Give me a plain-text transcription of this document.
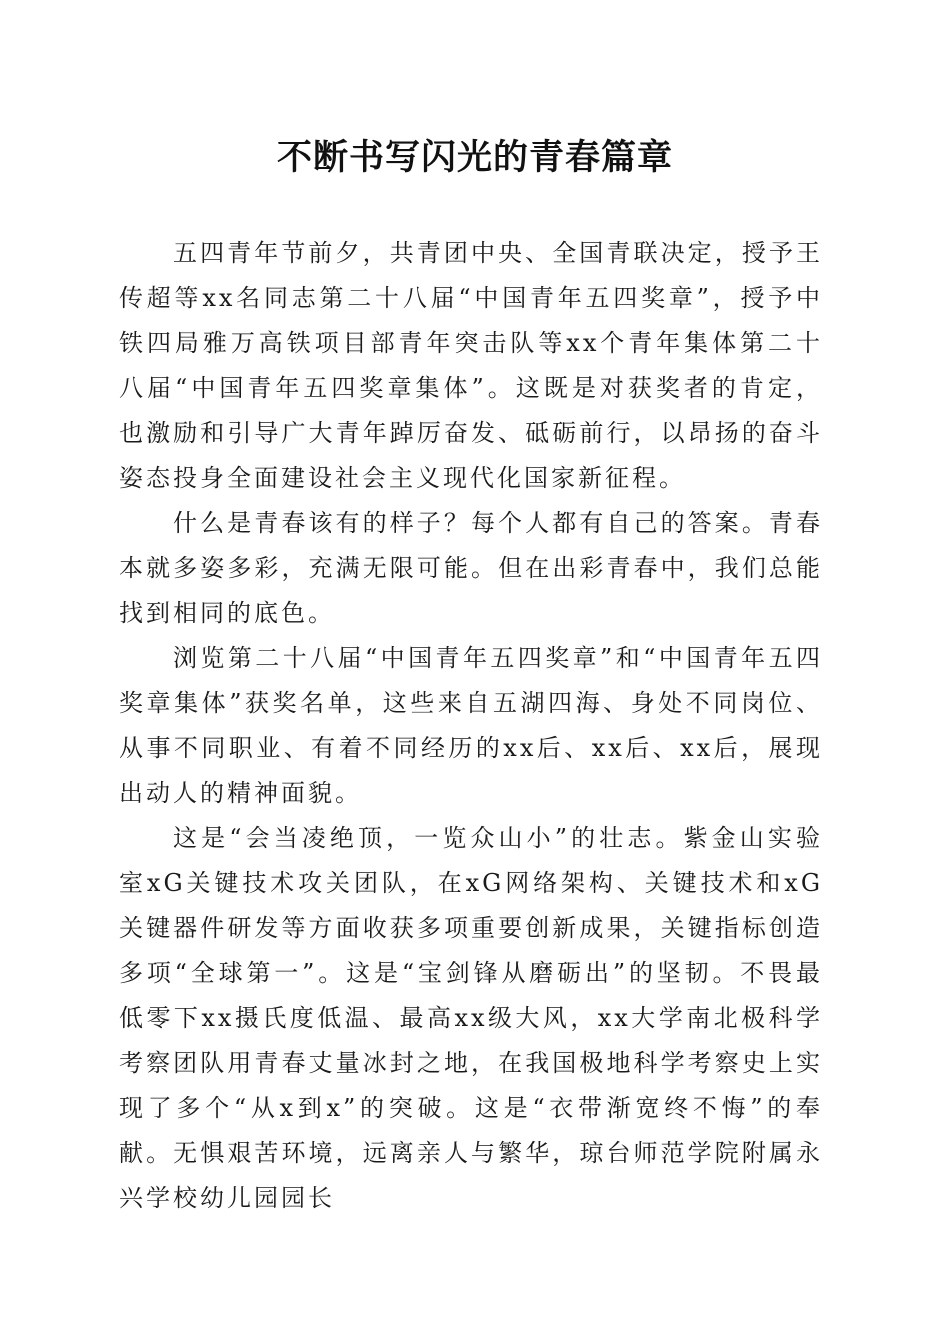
不断书写闪光的青春篇章

五四青年节前夕，共青团中央、全国青联决定，授予王传超等xx名同志第二十八届“中国青年五四奖章”，授予中铁四局雅万高铁项目部青年突击队等xx个青年集体第二十八届“中国青年五四奖章集体”。这既是对获奖者的肯定，也激励和引导广大青年踔厉奋发、砥砺前行，以昂扬的奋斗姿态投身全面建设社会主义现代化国家新征程。

什么是青春该有的样子？每个人都有自己的答案。青春本就多姿多彩，充满无限可能。但在出彩青春中，我们总能找到相同的底色。

浏览第二十八届“中国青年五四奖章”和“中国青年五四奖章集体”获奖名单，这些来自五湖四海、身处不同岗位、从事不同职业、有着不同经历的xx后、xx后、xx后，展现出动人的精神面貌。

这是“会当凌绝顶，一览众山小”的壮志。紫金山实验室xG关键技术攻关团队，在xG网络架构、关键技术和xG关键器件研发等方面收获多项重要创新成果，关键指标创造多项“全球第一”。这是“宝剑锋从磨砺出”的坚韧。不畏最低零下xx摄氏度低温、最高xx级大风，xx大学南北极科学考察团队用青春丈量冰封之地，在我国极地科学考察史上实现了多个“从x到x”的突破。这是“衣带渐宽终不悔”的奉献。无惧艰苦环境，远离亲人与繁华，琼台师范学院附属永兴学校幼儿园园长
